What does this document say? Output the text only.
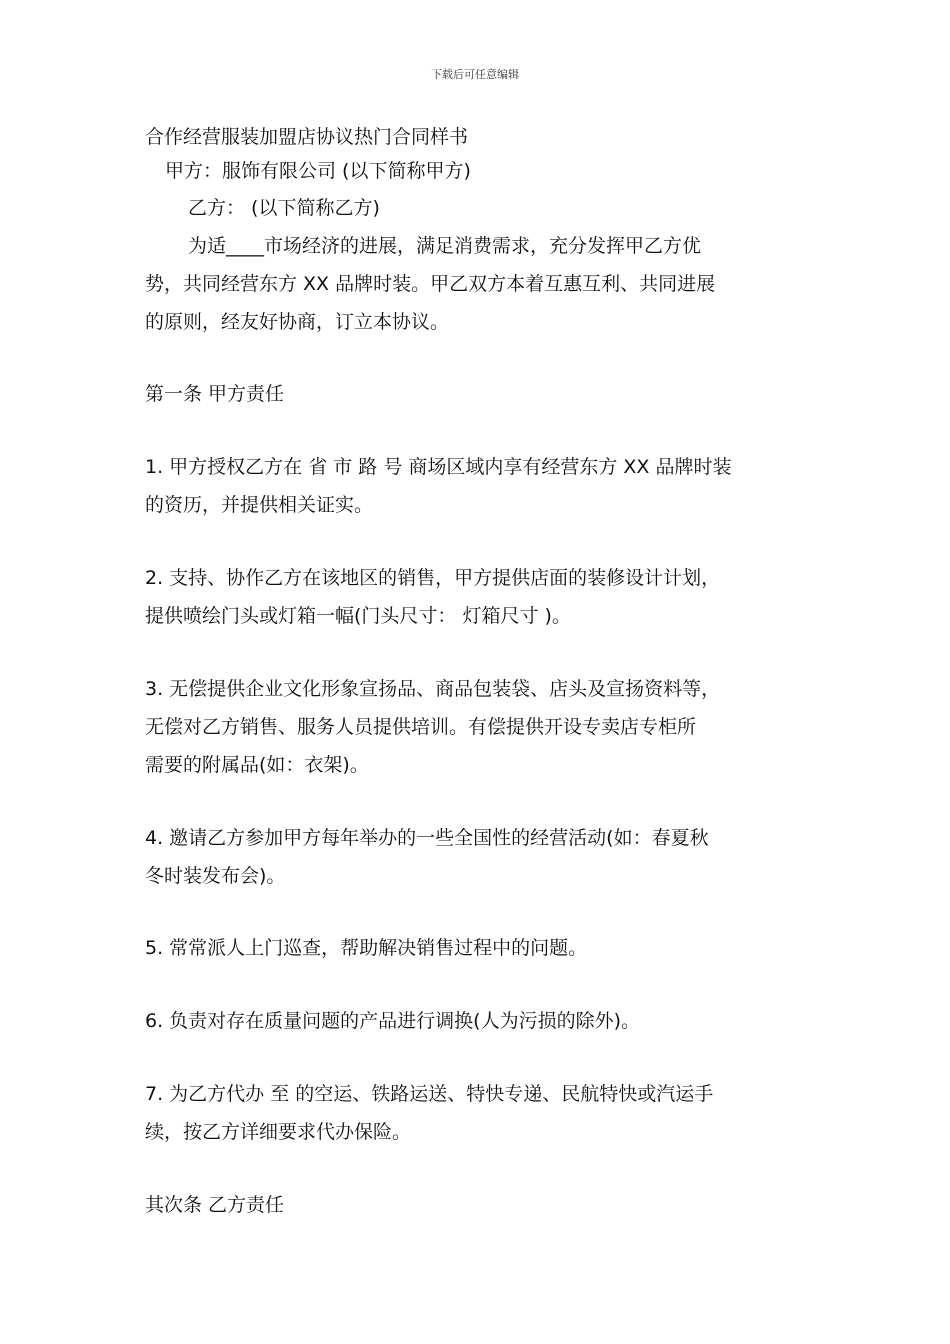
下载后可任意编辑

合作经营服装加盟店协议热门合同样书

甲方：服饰有限公司 (以下简称甲方)

乙方： (以下简称乙方)

为适____市场经济的进展，满足消费需求，充分发挥甲乙方优

势，共同经营东方 XX 品牌时装。甲乙双方本着互惠互利、共同进展

的原则，经友好协商，订立本协议。

第一条 甲方责任

1. 甲方授权乙方在 省 市 路 号 商场区域内享有经营东方 XX 品牌时装

的资历，并提供相关证实。

2. 支持、协作乙方在该地区的销售，甲方提供店面的装修设计计划，

提供喷绘门头或灯箱一幅(门头尺寸： 灯箱尺寸 )。

3. 无偿提供企业文化形象宣扬品、商品包装袋、店头及宣扬资料等，

无偿对乙方销售、服务人员提供培训。有偿提供开设专卖店专柜所

需要的附属品(如：衣架)。

4. 邀请乙方参加甲方每年举办的一些全国性的经营活动(如：春夏秋

冬时装发布会)。

5. 常常派人上门巡查，帮助解决销售过程中的问题。

6. 负责对存在质量问题的产品进行调换(人为污损的除外)。

7. 为乙方代办 至 的空运、铁路运送、特快专递、民航特快或汽运手

续，按乙方详细要求代办保险。

其次条 乙方责任
